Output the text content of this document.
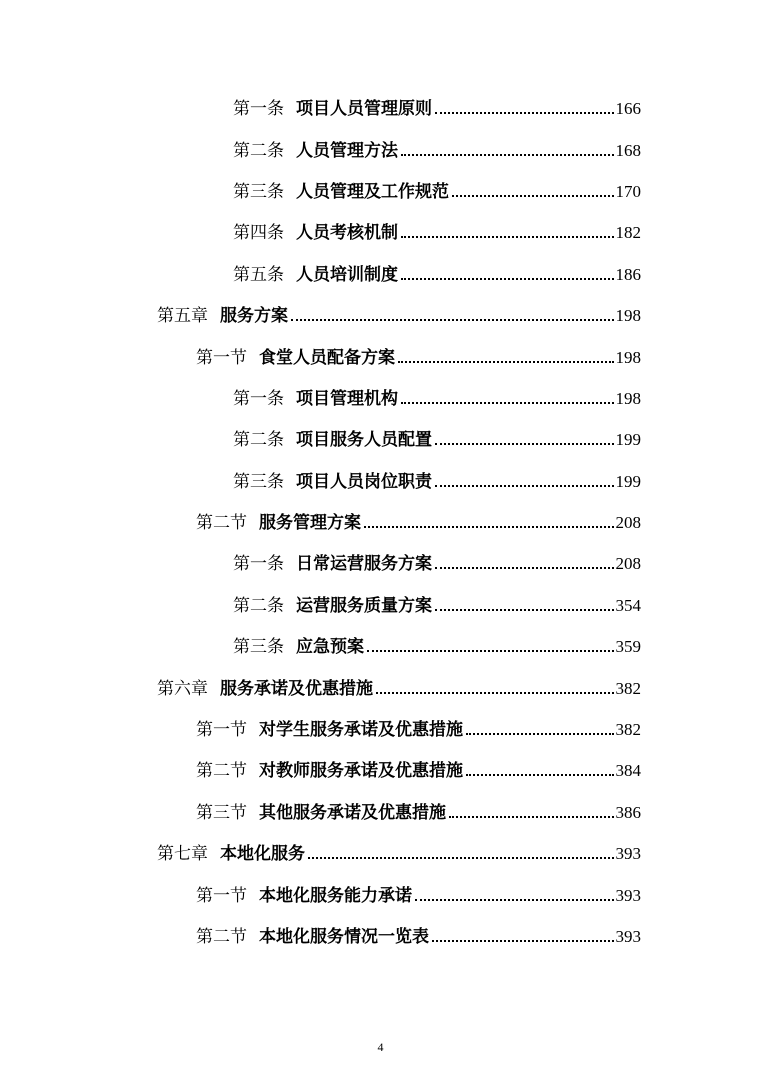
第一条 项目人员管理原则	166
第二条 人员管理方法	168
第三条 人员管理及工作规范	170
第四条 人员考核机制	182
第五条 人员培训制度	186
第五章 服务方案	198
第一节 食堂人员配备方案	198
第一条 项目管理机构	198
第二条 项目服务人员配置	199
第三条 项目人员岗位职责	199
第二节 服务管理方案	208
第一条 日常运营服务方案	208
第二条 运营服务质量方案	354
第三条 应急预案	359
第六章 服务承诺及优惠措施	382
第一节 对学生服务承诺及优惠措施	382
第二节 对教师服务承诺及优惠措施	384
第三节 其他服务承诺及优惠措施	386
第七章 本地化服务	393
第一节 本地化服务能力承诺	393
第二节 本地化服务情况一览表	393
4
